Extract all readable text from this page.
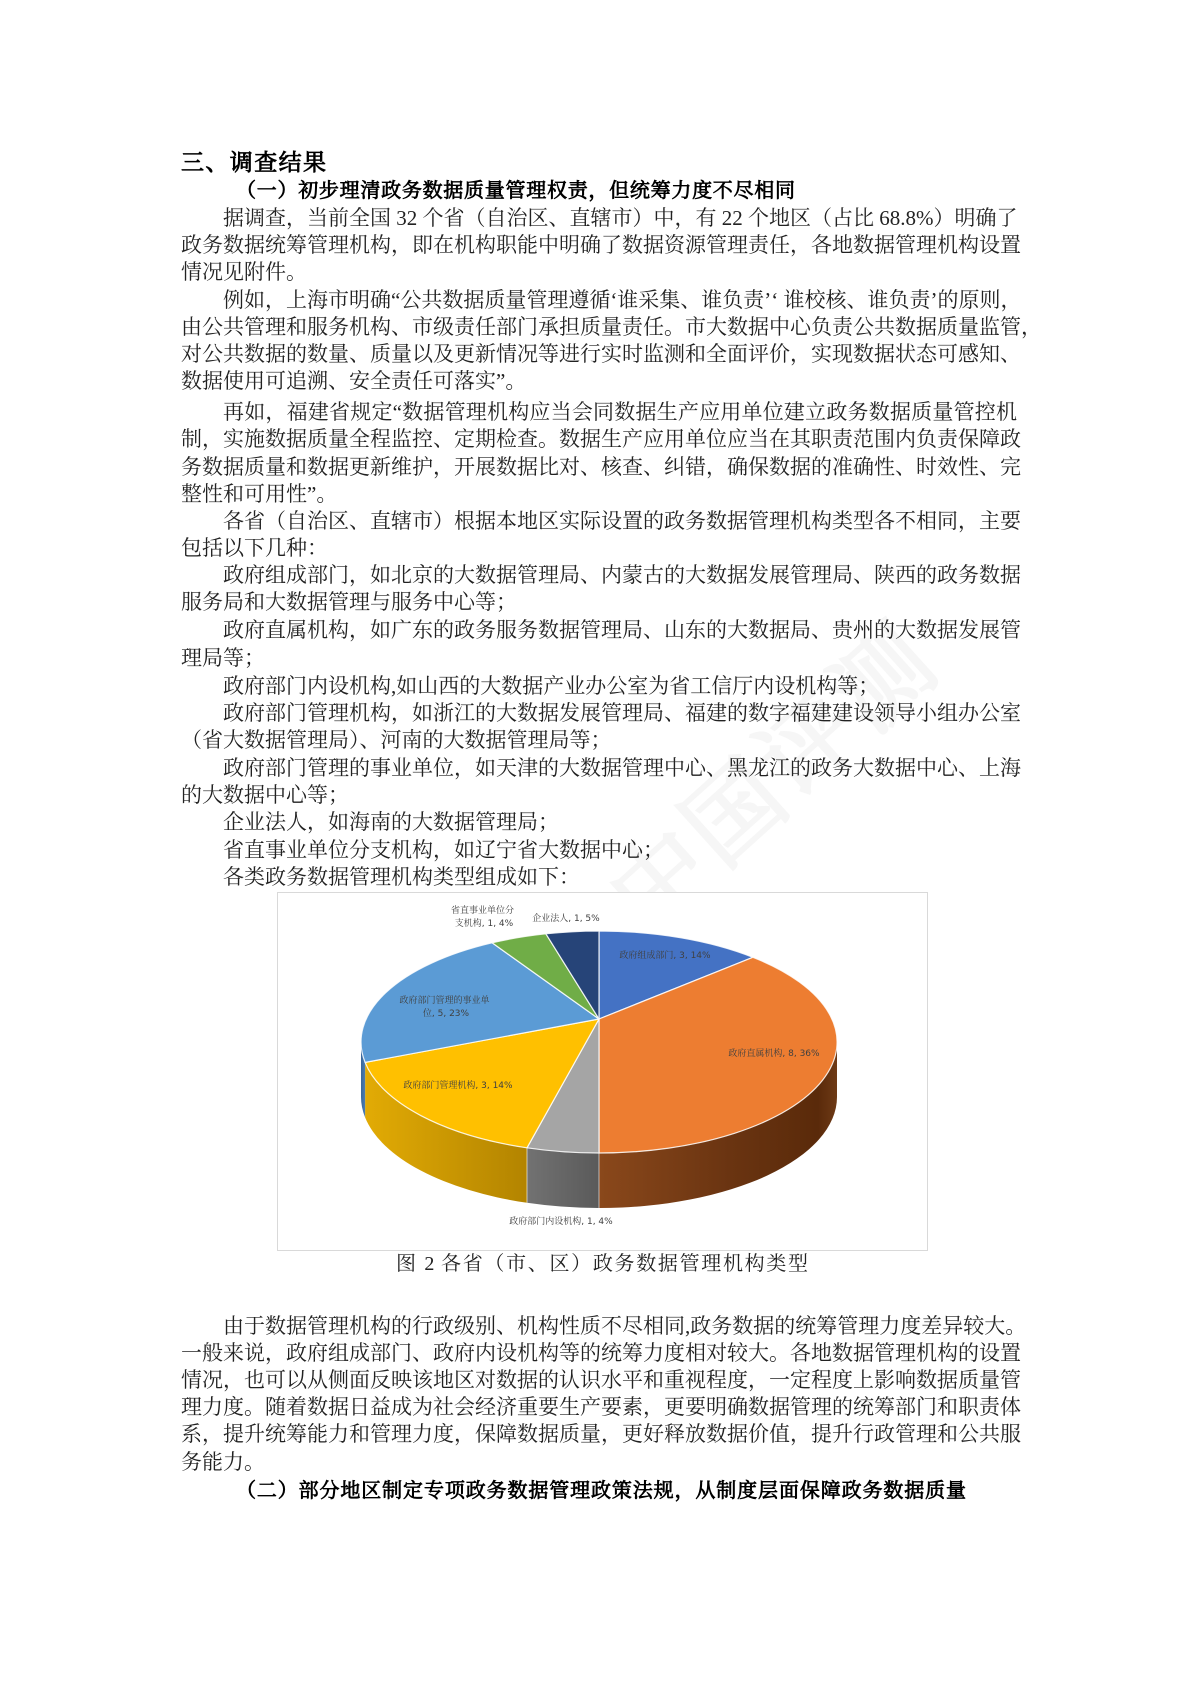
三、调查结果
（一）初步理清政务数据质量管理权责，但统筹力度不尽相同
据调查，当前全国 32 个省（自治区、直辖市）中，有 22 个地区（占比 68.8%）明确了
政务数据统筹管理机构，即在机构职能中明确了数据资源管理责任，各地数据管理机构设置
情况见附件。
例如，上海市明确“公共数据质量管理遵循‘谁采集、谁负责’‘ 谁校核、谁负责’的原则，
由公共管理和服务机构、市级责任部门承担质量责任。市大数据中心负责公共数据质量监管，
对公共数据的数量、质量以及更新情况等进行实时监测和全面评价，实现数据状态可感知、
数据使用可追溯、安全责任可落实”。
再如，福建省规定“数据管理机构应当会同数据生产应用单位建立政务数据质量管控机
制，实施数据质量全程监控、定期检查。数据生产应用单位应当在其职责范围内负责保障政
务数据质量和数据更新维护，开展数据比对、核查、纠错，确保数据的准确性、时效性、完
整性和可用性”。
各省（自治区、直辖市）根据本地区实际设置的政务数据管理机构类型各不相同，主要
包括以下几种：
政府组成部门，如北京的大数据管理局、内蒙古的大数据发展管理局、陕西的政务数据
服务局和大数据管理与服务中心等；
政府直属机构，如广东的政务服务数据管理局、山东的大数据局、贵州的大数据发展管
理局等；
政府部门内设机构,如山西的大数据产业办公室为省工信厅内设机构等；
政府部门管理机构，如浙江的大数据发展管理局、福建的数字福建建设领导小组办公室
（省大数据管理局）、河南的大数据管理局等；
政府部门管理的事业单位，如天津的大数据管理中心、黑龙江的政务大数据中心、上海
的大数据中心等；
企业法人，如海南的大数据管理局；
省直事业单位分支机构，如辽宁省大数据中心；
各类政务数据管理机构类型组成如下：
政府组成部门, 3, 14%
政府直属机构, 8, 36%
政府部门内设机构, 1, 4%
政府部门管理机构, 3, 14%
政府部门管理的事业单 位, 5, 23%
省直事业单位分 支机构, 1, 4%	企业法人, 1, 5%
图 2 各省（市、区）政务数据管理机构类型
由于数据管理机构的行政级别、机构性质不尽相同,政务数据的统筹管理力度差异较大。
一般来说，政府组成部门、政府内设机构等的统筹力度相对较大。各地数据管理机构的设置
情况，也可以从侧面反映该地区对数据的认识水平和重视程度，一定程度上影响数据质量管
理力度。随着数据日益成为社会经济重要生产要素，更要明确数据管理的统筹部门和职责体
系，提升统筹能力和管理力度，保障数据质量，更好释放数据价值，提升行政管理和公共服
务能力。
（二）部分地区制定专项政务数据管理政策法规，从制度层面保障政务数据质量
